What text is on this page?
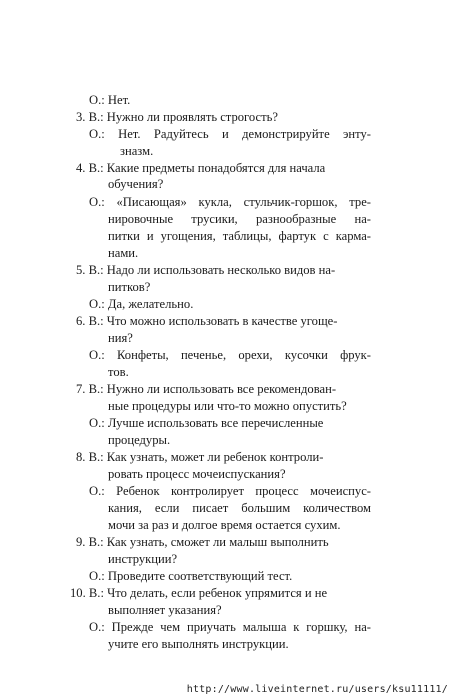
О.: Нет.
3. В.: Нужно ли проявлять строгость?
О.: Нет. Радуйтесь и демонстрируйте энту-
зназм.
4. В.: Какие предметы понадобятся для начала
обучения?
О.: «Писающая» кукла, стульчик-горшок, тре-
нировочные трусики, разнообразные на-
питки и угощения, таблицы, фартук с карма-
нами.
5. В.: Надо ли использовать несколько видов на-
питков?
О.: Да, желательно.
6. В.: Что можно использовать в качестве угоще-
ния?
О.: Конфеты, печенье, орехи, кусочки фрук-
тов.
7. В.: Нужно ли использовать все рекомендован-
ные процедуры или что-то можно опустить?
О.: Лучше использовать все перечисленные
процедуры.
8. В.: Как узнать, может ли ребенок контроли-
ровать процесс мочеиспускания?
О.: Ребенок контролирует процесс мочеиспус-
кания, если писает большим количеством
мочи за раз и долгое время остается сухим.
9. В.: Как узнать, сможет ли малыш выполнить
инструкции?
О.: Проведите соответствующий тест.
10. В.: Что делать, если ребенок упрямится и не
выполняет указания?
О.: Прежде чем приучать малыша к горшку, на-
учите его выполнять инструкции.
http://www.liveinternet.ru/users/ksu11111/
